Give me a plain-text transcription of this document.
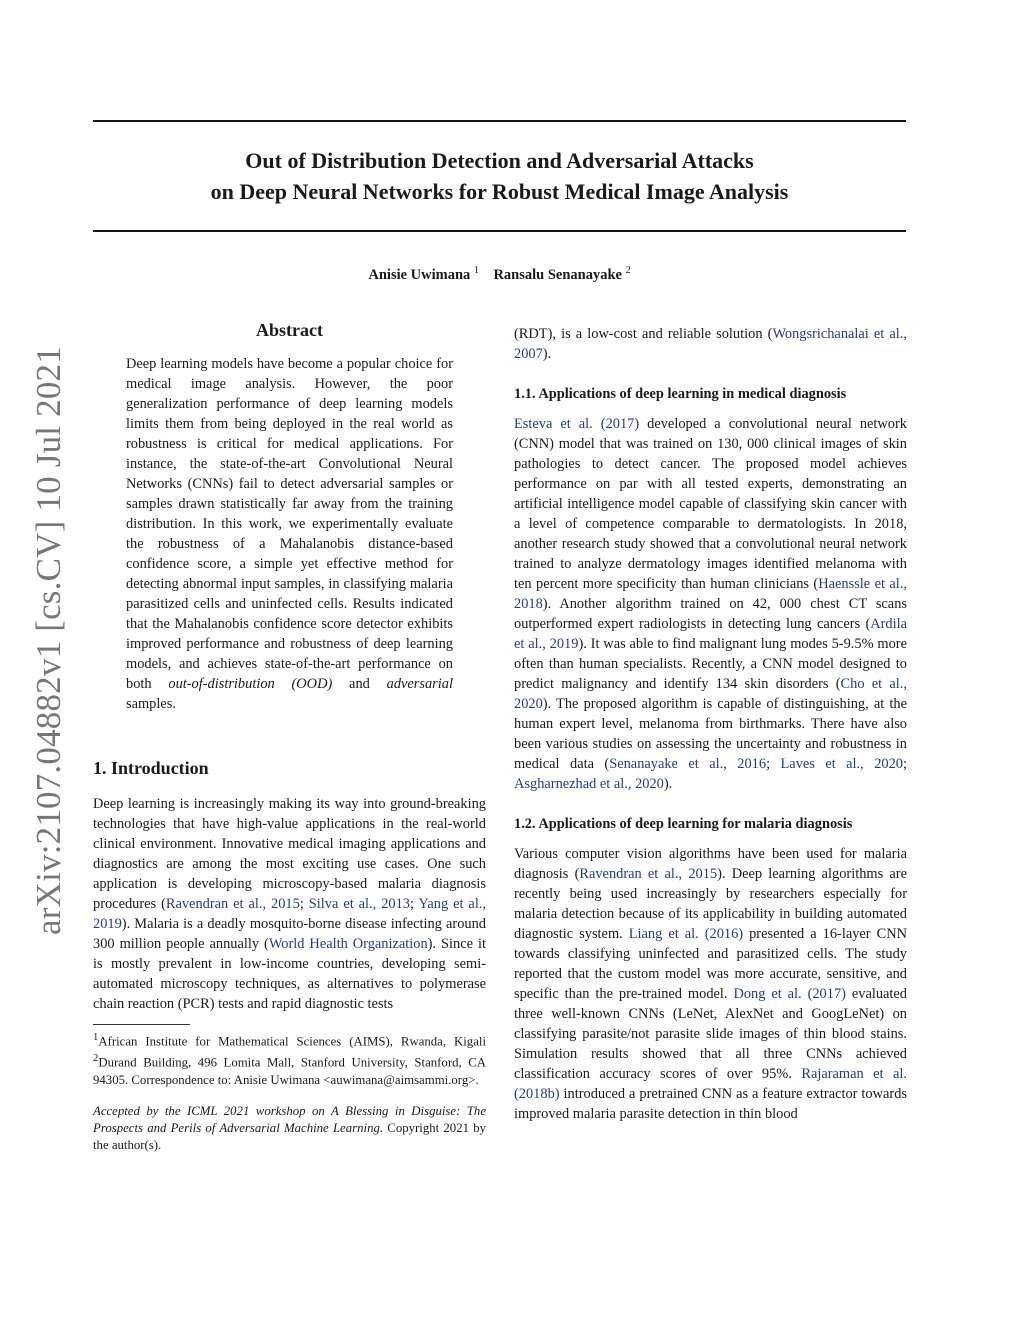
Out of Distribution Detection and Adversarial Attacks
on Deep Neural Networks for Robust Medical Image Analysis
Anisie Uwimana $^1$ Ransalu Senanayake $^2$
arXiv:2107.04882v1 [cs.CV] 10 Jul 2021
Abstract

Deep learning models have become a popular choice for medical image analysis. However, the poor generalization performance of deep learning models limits them from being deployed in the real world as robustness is critical for medical applications. For instance, the state-of-the-art Convolutional Neural Networks (CNNs) fail to detect adversarial samples or samples drawn statistically far away from the training distribution. In this work, we experimentally evaluate the robustness of a Mahalanobis distance-based confidence score, a simple yet effective method for detecting abnormal input samples, in classifying malaria parasitized cells and uninfected cells. Results indicated that the Mahalanobis confidence score detector exhibits improved performance and robustness of deep learning models, and achieves state-of-the-art performance on both out-of-distribution (OOD) and adversarial samples.

1. Introduction

Deep learning is increasingly making its way into ground-breaking technologies that have high-value applications in the real-world clinical environment. Innovative medical imaging applications and diagnostics are among the most exciting use cases. One such application is developing microscopy-based malaria diagnosis procedures (Ravendran et al., 2015; Silva et al., 2013; Yang et al., 2019). Malaria is a deadly mosquito-borne disease infecting around 300 million people annually (World Health Organization). Since it is mostly prevalent in low-income countries, developing semi-automated microscopy techniques, as alternatives to polymerase chain reaction (PCR) tests and rapid diagnostic tests

$^1$African Institute for Mathematical Sciences (AIMS), Rwanda, Kigali $^2$Durand Building, 496 Lomita Mall, Stanford University, Stanford, CA 94305. Correspondence to: Anisie Uwimana <auwimana@aimsammi.org>.

Accepted by the ICML 2021 workshop on A Blessing in Disguise: The Prospects and Perils of Adversarial Machine Learning. Copyright 2021 by the author(s).

(RDT), is a low-cost and reliable solution (Wongsrichanalai et al., 2007).

1.1. Applications of deep learning in medical diagnosis

Esteva et al. (2017) developed a convolutional neural network (CNN) model that was trained on 130, 000 clinical images of skin pathologies to detect cancer. The proposed model achieves performance on par with all tested experts, demonstrating an artificial intelligence model capable of classifying skin cancer with a level of competence comparable to dermatologists. In 2018, another research study showed that a convolutional neural network trained to analyze dermatology images identified melanoma with ten percent more specificity than human clinicians (Haenssle et al., 2018). Another algorithm trained on 42, 000 chest CT scans outperformed expert radiologists in detecting lung cancers (Ardila et al., 2019). It was able to find malignant lung modes 5-9.5% more often than human specialists. Recently, a CNN model designed to predict malignancy and identify 134 skin disorders (Cho et al., 2020). The proposed algorithm is capable of distinguishing, at the human expert level, melanoma from birthmarks. There have also been various studies on assessing the uncertainty and robustness in medical data (Senanayake et al., 2016; Laves et al., 2020; Asgharnezhad et al., 2020).

1.2. Applications of deep learning for malaria diagnosis

Various computer vision algorithms have been used for malaria diagnosis (Ravendran et al., 2015). Deep learning algorithms are recently being used increasingly by researchers especially for malaria detection because of its applicability in building automated diagnostic system. Liang et al. (2016) presented a 16-layer CNN towards classifying uninfected and parasitized cells. The study reported that the custom model was more accurate, sensitive, and specific than the pre-trained model. Dong et al. (2017) evaluated three well-known CNNs (LeNet, AlexNet and GoogLeNet) on classifying parasite/not parasite slide images of thin blood stains. Simulation results showed that all three CNNs achieved classification accuracy scores of over 95%. Rajaraman et al. (2018b) introduced a pretrained CNN as a feature extractor towards improved malaria parasite detection in thin blood
